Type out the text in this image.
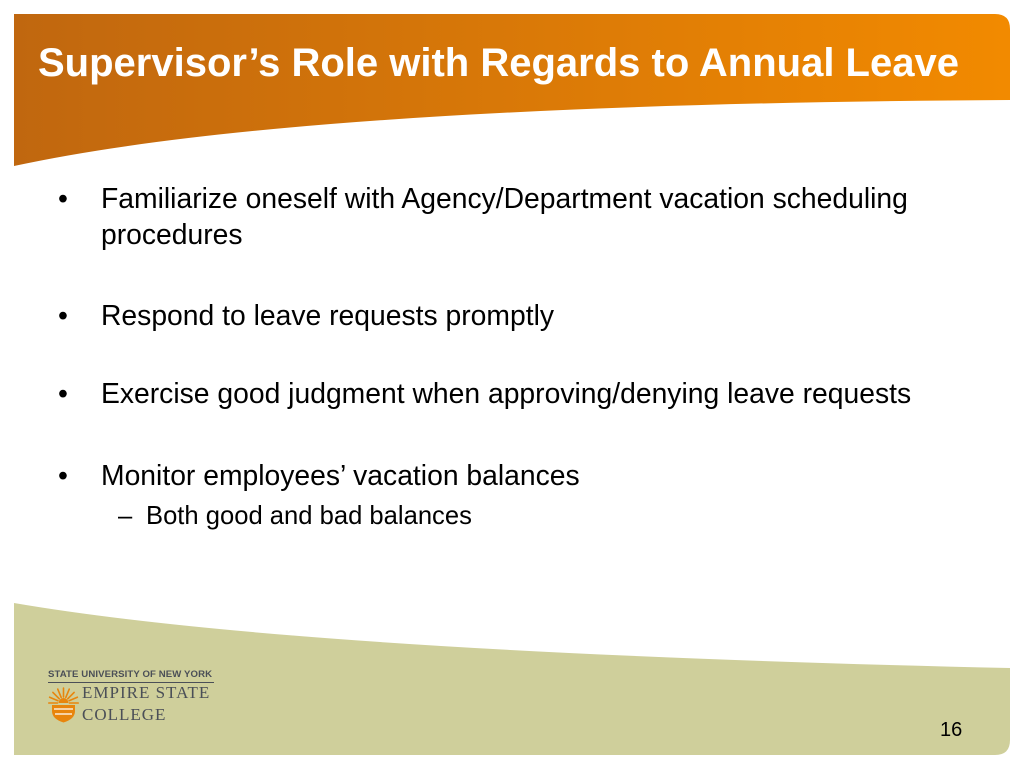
Supervisor’s Role with Regards to Annual Leave
• Familiarize oneself with Agency/Department vacation scheduling procedures
• Respond to leave requests promptly
• Exercise good judgment when approving/denying leave requests
• Monitor employees’ vacation balances
– Both good and bad balances
STATE UNIVERSITY OF NEW YORK
EMPIRE STATE
COLLEGE
16
